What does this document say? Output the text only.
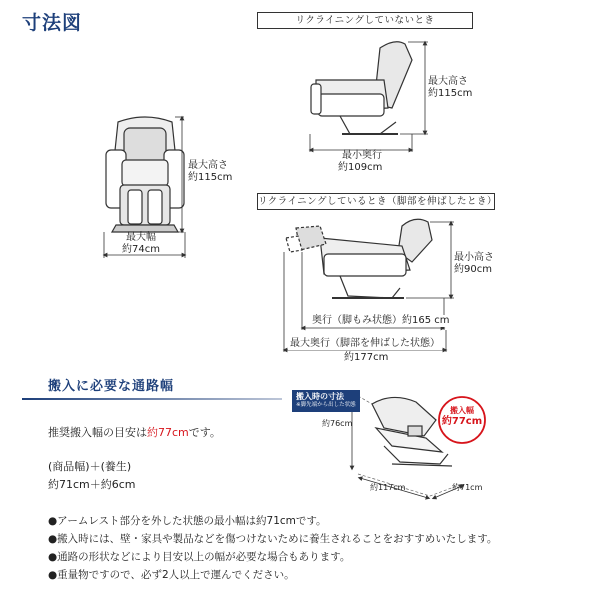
寸法図
最大高さ
約115cm
最大幅
約74cm
リクライニングしていないとき
最大高さ
約115cm
最小奥行
約109cm
リクライニングしているとき（脚部を伸ばしたとき）
最小高さ
約90cm
奥行（脚もみ状態）約165 cm
最大奥行（脚部を伸ばした状態）
約177cm
搬入に必要な通路幅
推奨搬入幅の目安は約77cmです。
(商品幅)＋(養生)
約71cm＋約6cm
搬入時の寸法
※脚先端から出した状態
約76cm
約117cm	約71cm
搬入幅
約77cm
●アームレスト部分を外した状態の最小幅は約71cmです。
●搬入時には、壁・家具や製品などを傷つけないために養生されることをおすすめいたします。
●通路の形状などにより目安以上の幅が必要な場合もあります。
●重量物ですので、必ず2人以上で運んでください。
